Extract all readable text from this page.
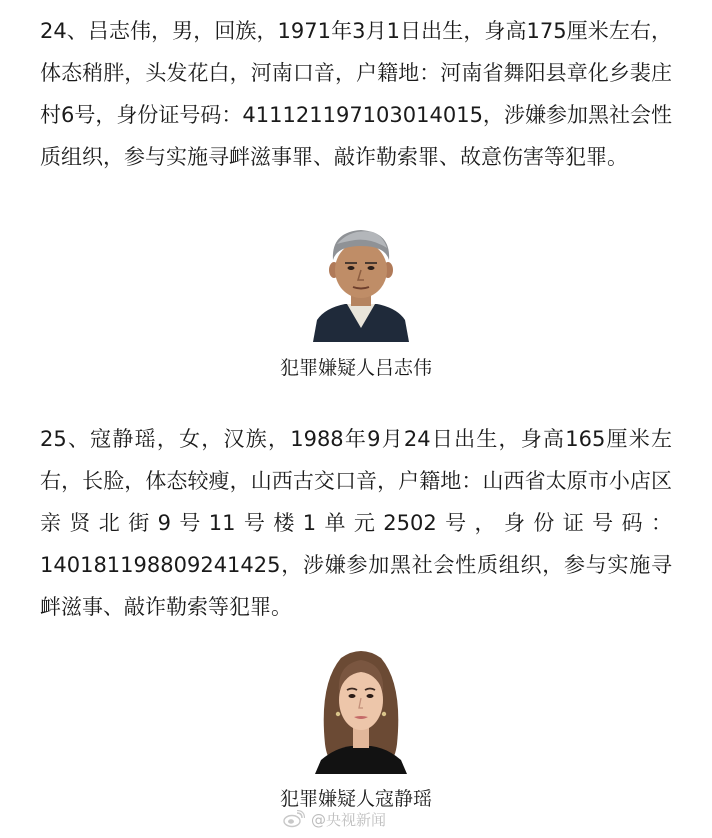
24、吕志伟，男，回族，1971年3月1日出生，身高175厘米左右，体态稍胖，头发花白，河南口音，户籍地：河南省舞阳县章化乡裴庄村6号，身份证号码：411121197103014015，涉嫌参加黑社会性质组织，参与实施寻衅滋事罪、敲诈勒索罪、故意伤害等犯罪。

犯罪嫌疑人吕志伟

25、寇静瑶，女，汉族，1988年9月24日出生，身高165厘米左右，长脸，体态较瘦，山西古交口音，户籍地：山西省太原市小店区亲贤北街9号11号楼1单元2502号，身份证号码：140181198809241425，涉嫌参加黑社会性质组织，参与实施寻衅滋事、敲诈勒索等犯罪。

犯罪嫌疑人寇静瑶

@央视新闻
